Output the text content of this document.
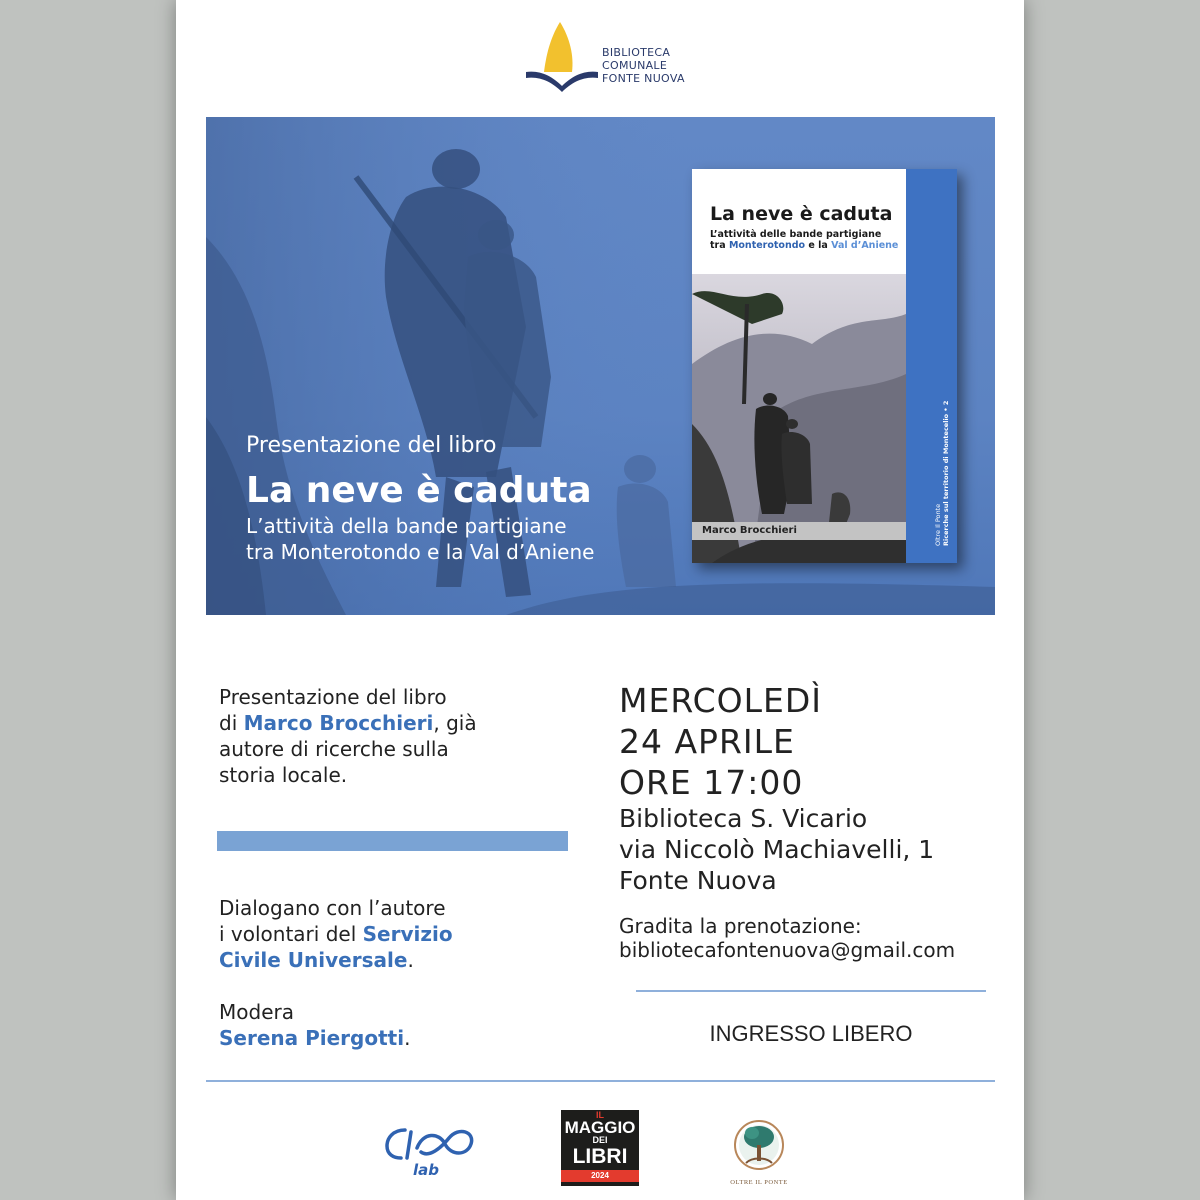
BIBLIOTECA
COMUNALE
FONTE NUOVA
Presentazione del libro
La neve è caduta
L’attività della bande partigiane
tra Monterotondo e la Val d’Aniene
La neve è caduta
L’attività delle bande partigiane
tra Monterotondo e la Val d’Aniene
Marco Brocchieri	Oltre Il Ponte Ricerche sul territorio di Montecelio • 2
Presentazione del libro
di Marco Brocchieri, già
autore di ricerche sulla
storia locale.
Dialogano con l’autore
i volontari del Servizio
Civile Universale.
Modera
Serena Piergotti.
MERCOLEDÌ
24 APRILE
ORE 17:00
Biblioteca S. Vicario
via Niccolò Machiavelli, 1
Fonte Nuova
Gradita la prenotazione:
bibliotecafontenuova@gmail.com
INGRESSO LIBERO
lab
IL
MAGGIO
DEI
LIBRI
2024
OLTRE IL PONTE
